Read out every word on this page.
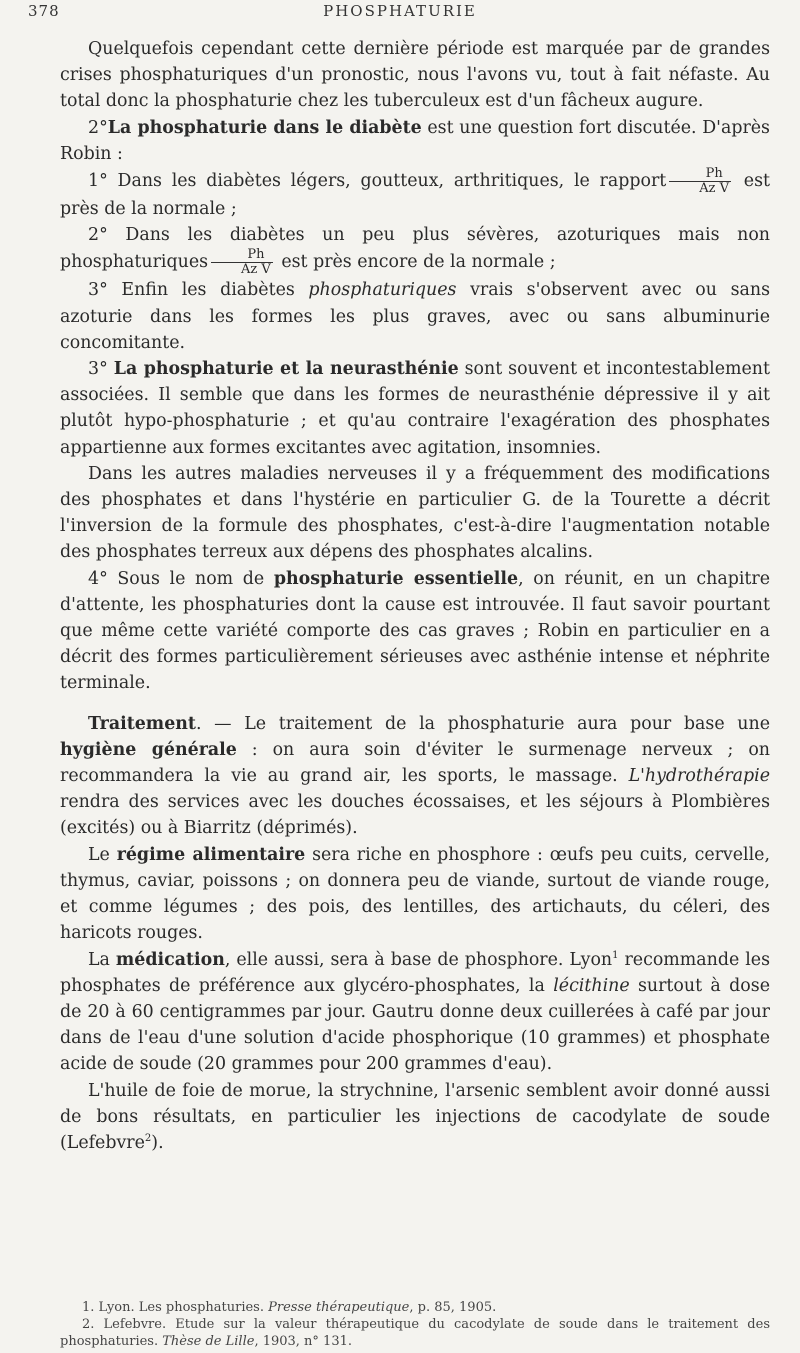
378	PHOSPHATURIE

Quelquefois cependant cette dernière période est marquée par de grandes crises phosphaturiques d'un pronostic, nous l'avons vu, tout à fait néfaste. Au total donc la phosphaturie chez les tuberculeux est d'un fâcheux augure.

2°La phosphaturie dans le diabète est une question fort discutée. D'après Robin :

1° Dans les diabètes légers, goutteux, arthritiques, le rapport $\frac{Ph}{\text{Az V}}$ est près de la normale ;

2° Dans les diabètes un peu plus sévères, azoturiques mais non phosphaturiques $\frac{Ph}{\text{Az V}}$ est près encore de la normale ;

3° Enfin les diabètes phosphaturiques vrais s'observent avec ou sans azoturie dans les formes les plus graves, avec ou sans albuminurie concomitante.

3° La phosphaturie et la neurasthénie sont souvent et incontestablement associées. Il semble que dans les formes de neurasthénie dépressive il y ait plutôt hypo-phosphaturie ; et qu'au contraire l'exagération des phosphates appartienne aux formes excitantes avec agitation, insomnies.

Dans les autres maladies nerveuses il y a fréquemment des modifications des phosphates et dans l'hystérie en particulier G. de la Tourette a décrit l'inversion de la formule des phosphates, c'est-à-dire l'augmentation notable des phosphates terreux aux dépens des phosphates alcalins.

4° Sous le nom de phosphaturie essentielle, on réunit, en un chapitre d'attente, les phosphaturies dont la cause est introuvée. Il faut savoir pourtant que même cette variété comporte des cas graves ; Robin en particulier en a décrit des formes particulièrement sérieuses avec asthénie intense et néphrite terminale.

Traitement. — Le traitement de la phosphaturie aura pour base une hygiène générale : on aura soin d'éviter le surmenage nerveux ; on recommandera la vie au grand air, les sports, le massage. L'hydrothérapie rendra des services avec les douches écossaises, et les séjours à Plombières (excités) ou à Biarritz (déprimés).

Le régime alimentaire sera riche en phosphore : œufs peu cuits, cervelle, thymus, caviar, poissons ; on donnera peu de viande, surtout de viande rouge, et comme légumes ; des pois, des lentilles, des artichauts, du céleri, des haricots rouges.

La médication, elle aussi, sera à base de phosphore. Lyon$^1$ recommande les phosphates de préférence aux glycéro-phosphates, la lécithine surtout à dose de 20 à 60 centigrammes par jour. Gautru donne deux cuillerées à café par jour dans de l'eau d'une solution d'acide phosphorique (10 grammes) et phosphate acide de soude (20 grammes pour 200 grammes d'eau).

L'huile de foie de morue, la strychnine, l'arsenic semblent avoir donné aussi de bons résultats, en particulier les injections de cacodylate de soude (Lefebvre$^2$).

1. Lyon. Les phosphaturies. Presse thérapeutique, p. 85, 1905.

2. Lefebvre. Etude sur la valeur thérapeutique du cacodylate de soude dans le traitement des phosphaturies. Thèse de Lille, 1903, n° 131.
